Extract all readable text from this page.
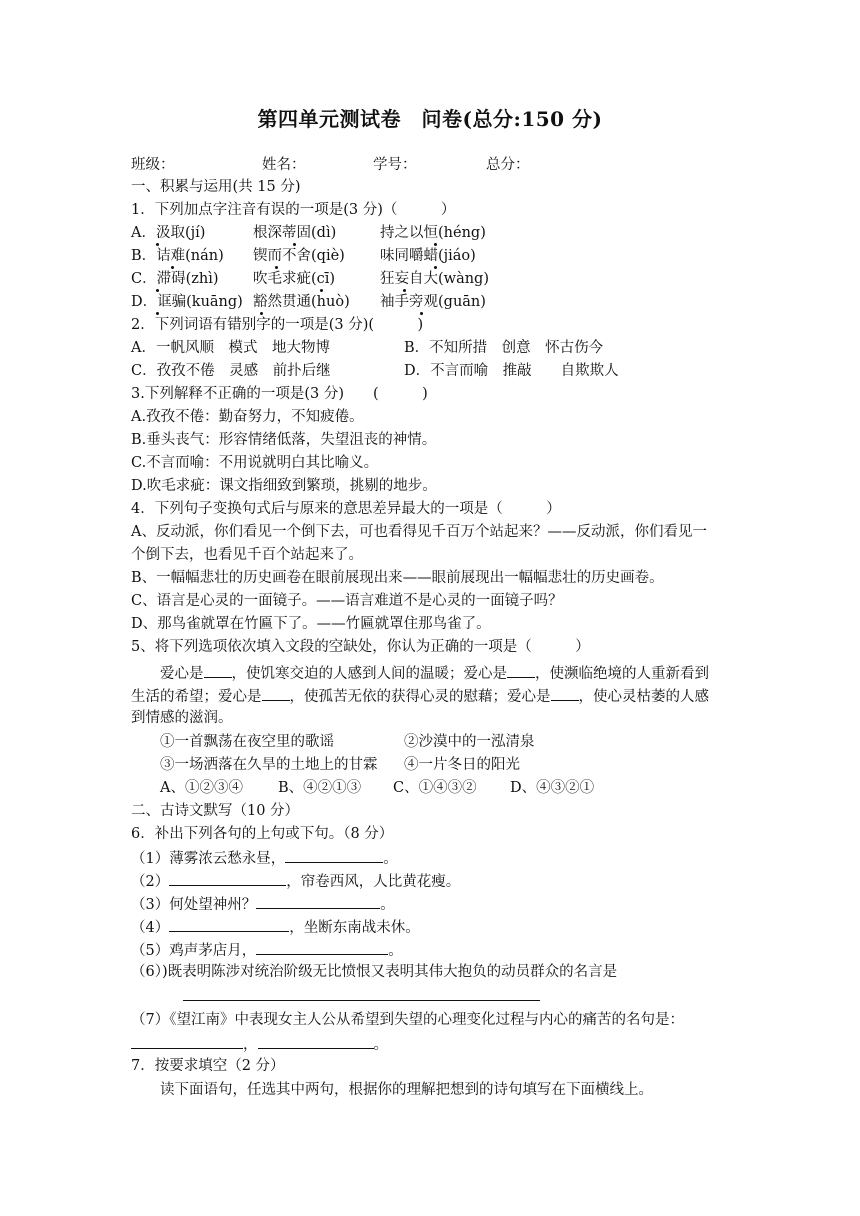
第四单元测试卷　问卷(总分:150 分)
班级：	姓名：	学号：	总分：
一、积累与运用(共 15 分)
1．下列加点字注音有误的一项是(3 分)（　　　）
A．汲取(jí)	根深蒂固(dì)	持之以恒(héng)
B．诘难(nán) 锲而不舍(qiè) 味同嚼蜡(jiáo)
C．滞碍(zhì) 吹毛求疵(cī)	狂妄自大(wàng)
D．诓骗(kuāng) 豁然贯通(huò) 袖手旁观(guān)
2．下列词语有错别字的一项是(3 分)(　　　)
A．一帆风顺　模式　地大物博	B．不知所措　创意　怀古伤今
C．孜孜不倦　灵感　前扑后继	D．不言而喻　推敲　　自欺欺人
3.下列解释不正确的一项是(3 分)　　(　　　)
A.孜孜不倦：勤奋努力，不知疲倦。
B.垂头丧气：形容情绪低落，失望沮丧的神情。
C.不言而喻：不用说就明白其比喻义。
D.吹毛求疵：课文指细致到繁琐，挑剔的地步。
4．下列句子变换句式后与原来的意思差异最大的一项是（　　　）
A、反动派，你们看见一个倒下去，可也看得见千百万个站起来？——反动派，你们看见一
个倒下去，也看见千百个站起来了。
B、一幅幅悲壮的历史画卷在眼前展现出来——眼前展现出一幅幅悲壮的历史画卷。
C、语言是心灵的一面镜子。——语言难道不是心灵的一面镜子吗？
D、那鸟雀就罩在竹匾下了。——竹匾就罩住那鸟雀了。
5、将下列选项依次填入文段的空缺处，你认为正确的一项是（　　　）
爱心是 ，使饥寒交迫的人感到人间的温暖；爱心是 ，使濒临绝境的人重新看到
生活的希望；爱心是 ，使孤苦无依的获得心灵的慰藉；爱心是 ，使心灵枯萎的人感
到情感的滋润。
①一首飘荡在夜空里的歌谣	②沙漠中的一泓清泉
③一场洒落在久旱的土地上的甘霖 ④一片冬日的阳光
A、①②③④ B、④②①③ C、①④③② D、④③②①
二、古诗文默写（10 分）
6．补出下列各句的上句或下句。（8 分）
（1）薄雾浓云愁永昼，	。
（2）	，帘卷西风，人比黄花瘦。
（3）何处望神州？	。
（4）	，坐断东南战未休。
（5）鸡声茅店月，	。
（6）)既表明陈涉对统治阶级无比愤恨又表明其伟大抱负的动员群众的名言是
（7）《望江南》中表现女主人公从希望到失望的心理变化过程与内心的痛苦的名句是：
，	。
7．按要求填空（2 分）
读下面语句，任选其中两句，根据你的理解把想到的诗句填写在下面横线上。
